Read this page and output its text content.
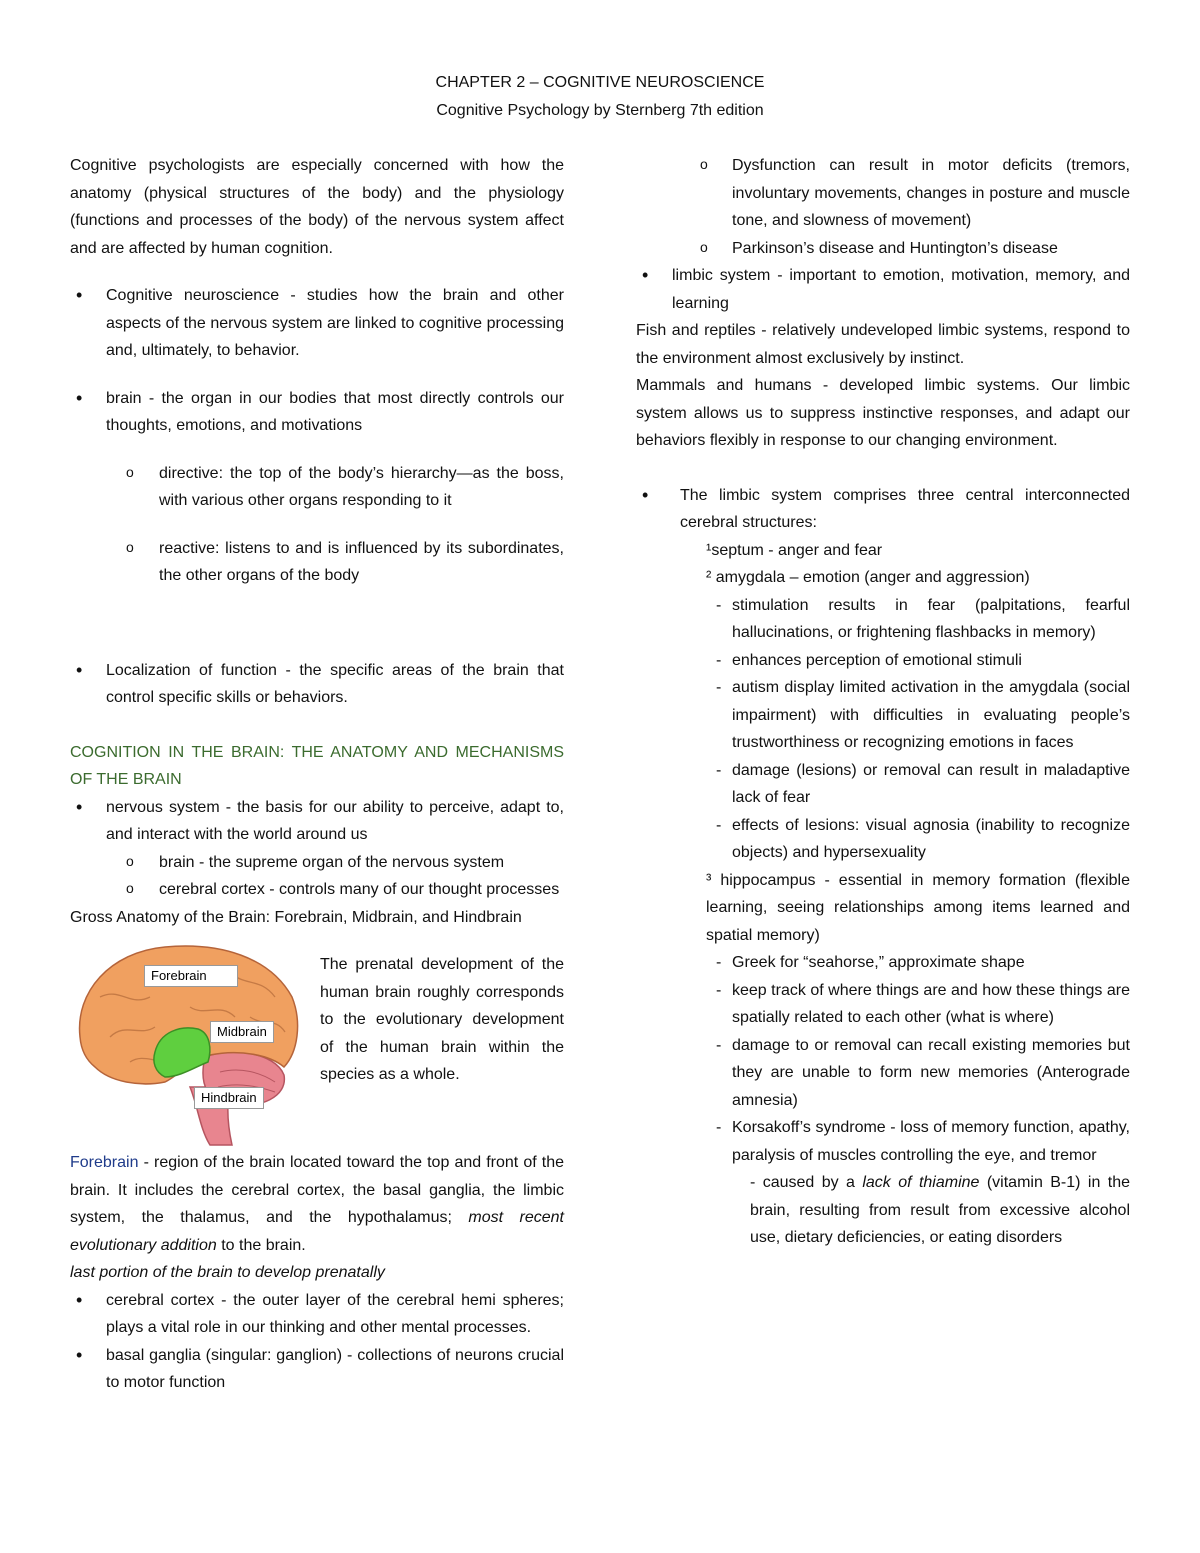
CHAPTER 2 – COGNITIVE NEUROSCIENCE
Cognitive Psychology by Sternberg 7th edition

Cognitive psychologists are especially concerned with how the anatomy (physical structures of the body) and the physiology (functions and processes of the body) of the nervous system affect and are affected by human cognition.

• Cognitive neuroscience - studies how the brain and other aspects of the nervous system are linked to cognitive processing and, ultimately, to behavior.
• brain - the organ in our bodies that most directly controls our thoughts, emotions, and motivations
o directive: the top of the body’s hierarchy—as the boss, with various other organs responding to it
o reactive: listens to and is influenced by its subordinates, the other organs of the body
• Localization of function - the specific areas of the brain that control specific skills or behaviors.

COGNITION IN THE BRAIN: THE ANATOMY AND MECHANISMS OF THE BRAIN

• nervous system - the basis for our ability to perceive, adapt to, and interact with the world around us
o brain - the supreme organ of the nervous system
o cerebral cortex - controls many of our thought processes

Gross Anatomy of the Brain: Forebrain, Midbrain, and Hindbrain

Forebrain
Midbrain
Hindbrain
The prenatal development of the human brain roughly corresponds to the evolutionary development of the human brain within the species as a whole.

Forebrain - region of the brain located toward the top and front of the brain. It includes the cerebral cortex, the basal ganglia, the limbic system, the thalamus, and the hypothalamus; most recent evolutionary addition to the brain.

last portion of the brain to develop prenatally

• cerebral cortex - the outer layer of the cerebral hemi spheres; plays a vital role in our thinking and other mental processes.
• basal ganglia (singular: ganglion) - collections of neurons crucial to motor function
o Dysfunction can result in motor deficits (tremors, involuntary movements, changes in posture and muscle tone, and slowness of movement)
o Parkinson’s disease and Huntington’s disease
• limbic system - important to emotion, motivation, memory, and learning

Fish and reptiles - relatively undeveloped limbic systems, respond to the environment almost exclusively by instinct.

Mammals and humans - developed limbic systems. Our limbic system allows us to suppress instinctive responses, and adapt our behaviors flexibly in response to our changing environment.

• The limbic system comprises three central interconnected cerebral structures:

¹septum - anger and fear

² amygdala – emotion (anger and aggression)

- stimulation results in fear (palpitations, fearful hallucinations, or frightening flashbacks in memory)
- enhances perception of emotional stimuli
- autism display limited activation in the amygdala (social impairment) with difficulties in evaluating people’s trustworthiness or recognizing emotions in faces
- damage (lesions) or removal can result in maladaptive lack of fear
- effects of lesions: visual agnosia (inability to recognize objects) and hypersexuality

³ hippocampus - essential in memory formation (flexible learning, seeing relationships among items learned and spatial memory)

- Greek for “seahorse,” approximate shape
- keep track of where things are and how these things are spatially related to each other (what is where)
- damage to or removal can recall existing memories but they are unable to form new memories (Anterograde amnesia)
- Korsakoff’s syndrome - loss of memory function, apathy, paralysis of muscles controlling the eye, and tremor
- caused by a lack of thiamine (vitamin B-1) in the brain, resulting from result from excessive alcohol use, dietary deficiencies, or eating disorders
